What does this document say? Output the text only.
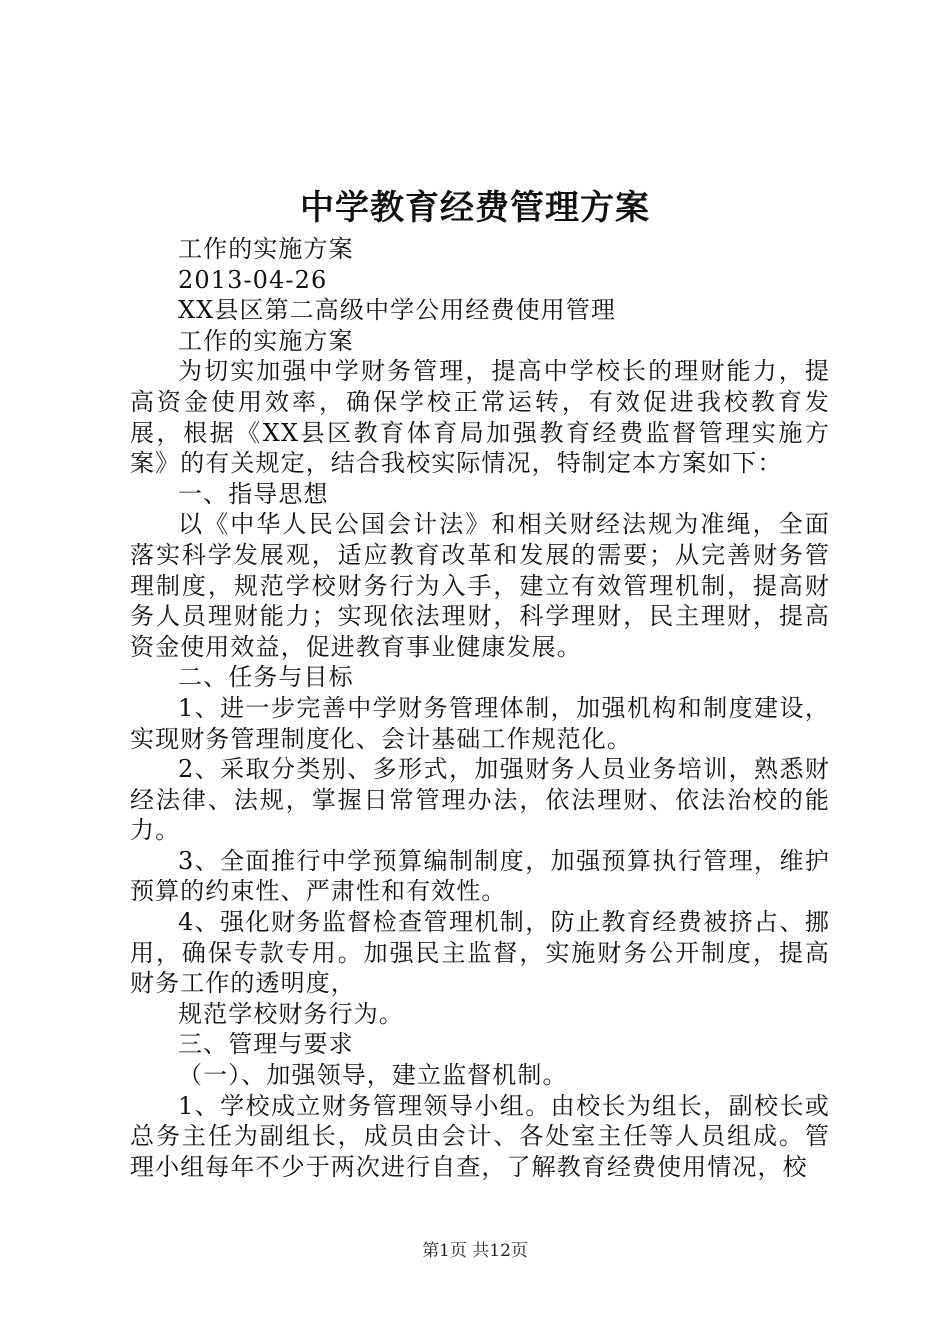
中学教育经费管理方案

工作的实施方案

2013-04-26

XX县区第二高级中学公用经费使用管理

工作的实施方案

为切实加强中学财务管理，提高中学校长的理财能力，提高资金使用效率，确保学校正常运转，有效促进我校教育发展，根据《XX县区教育体育局加强教育经费监督管理实施方案》的有关规定，结合我校实际情况，特制定本方案如下：

一、指导思想

以《中华人民公国会计法》和相关财经法规为准绳，全面落实科学发展观，适应教育改革和发展的需要；从完善财务管理制度，规范学校财务行为入手，建立有效管理机制，提高财务人员理财能力；实现依法理财，科学理财，民主理财，提高资金使用效益，促进教育事业健康发展。

二、任务与目标

1、进一步完善中学财务管理体制，加强机构和制度建设，实现财务管理制度化、会计基础工作规范化。

2、采取分类别、多形式，加强财务人员业务培训，熟悉财经法律、法规，掌握日常管理办法，依法理财、依法治校的能力。

3、全面推行中学预算编制制度，加强预算执行管理，维护预算的约束性、严肃性和有效性。

4、强化财务监督检查管理机制，防止教育经费被挤占、挪用，确保专款专用。加强民主监督，实施财务公开制度，提高财务工作的透明度，

规范学校财务行为。

三、管理与要求

（一）、加强领导，建立监督机制。

1、学校成立财务管理领导小组。由校长为组长，副校长或总务主任为副组长，成员由会计、各处室主任等人员组成。管理小组每年不少于两次进行自查，了解教育经费使用情况，校

第1页 共12页
